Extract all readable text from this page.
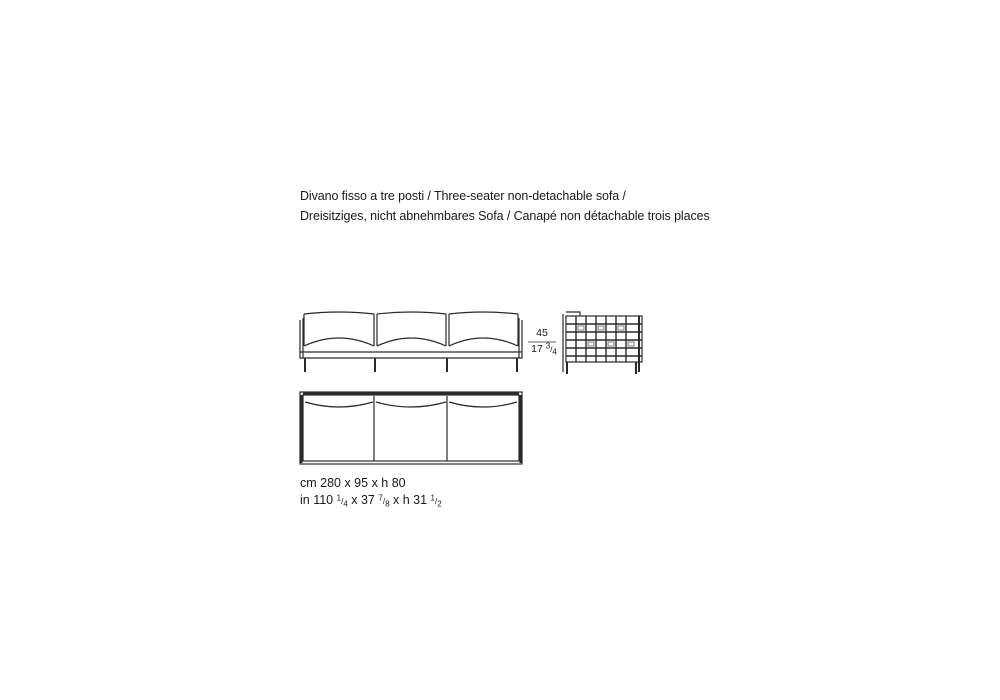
Divano fisso a tre posti / Three-seater non-detachable sofa /
Dreisitziges, nicht abnehmbares Sofa / Canapé non détachable trois places
45
17 $^3/_4$
cm 280 x 95 x h 80
in 110 $^1/_4$ x 37 $^7/_8$ x h 31 $^1/_2$
